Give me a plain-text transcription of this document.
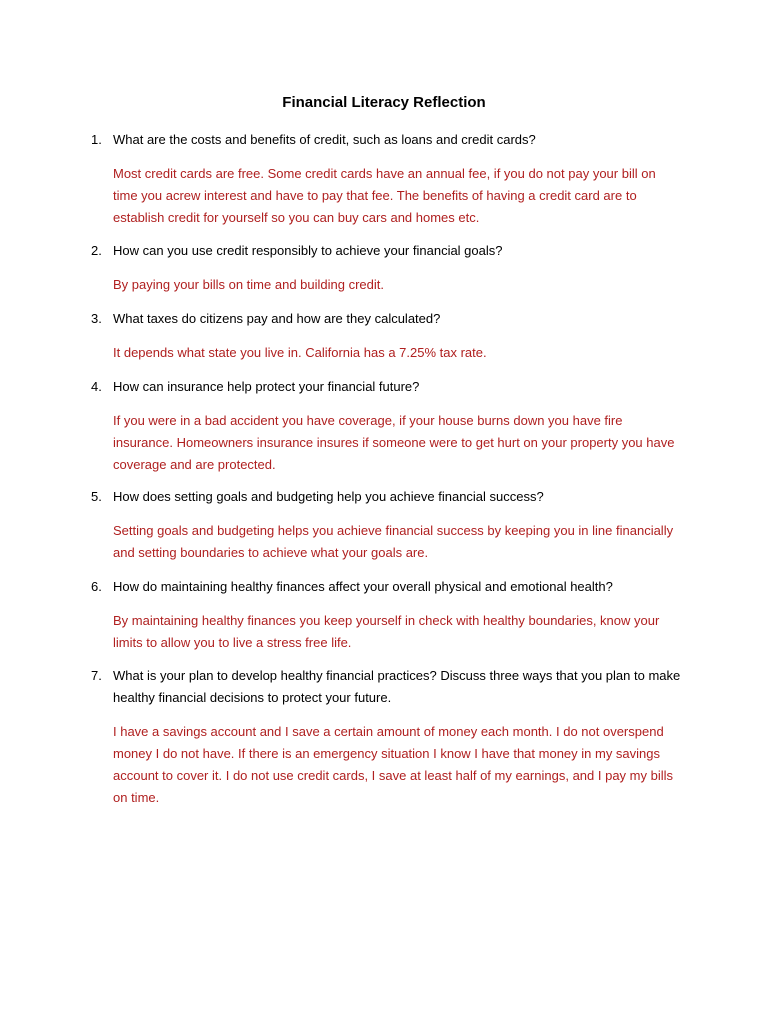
Financial Literacy Reflection
1. What are the costs and benefits of credit, such as loans and credit cards?
Most credit cards are free. Some credit cards have an annual fee, if you do not pay your bill on time you acrew interest and have to pay that fee. The benefits of having a credit card are to establish credit for yourself so you can buy cars and homes etc.
2. How can you use credit responsibly to achieve your financial goals?
By paying your bills on time and building credit.
3. What taxes do citizens pay and how are they calculated?
It depends what state you live in. California has a 7.25% tax rate.
4. How can insurance help protect your financial future?
If you were in a bad accident you have coverage, if your house burns down you have fire insurance. Homeowners insurance insures if someone were to get hurt on your property you have coverage and are protected.
5. How does setting goals and budgeting help you achieve financial success?
Setting goals and budgeting helps you achieve financial success by keeping you in line financially and setting boundaries to achieve what your goals are.
6. How do maintaining healthy finances affect your overall physical and emotional health?
By maintaining healthy finances you keep yourself in check with healthy boundaries, know your limits to allow you to live a stress free life.
7. What is your plan to develop healthy financial practices? Discuss three ways that you plan to make healthy financial decisions to protect your future.
I have a savings account and I save a certain amount of money each month. I do not overspend money I do not have. If there is an emergency situation I know I have that money in my savings account to cover it. I do not use credit cards, I save at least half of my earnings, and I pay my bills on time.
